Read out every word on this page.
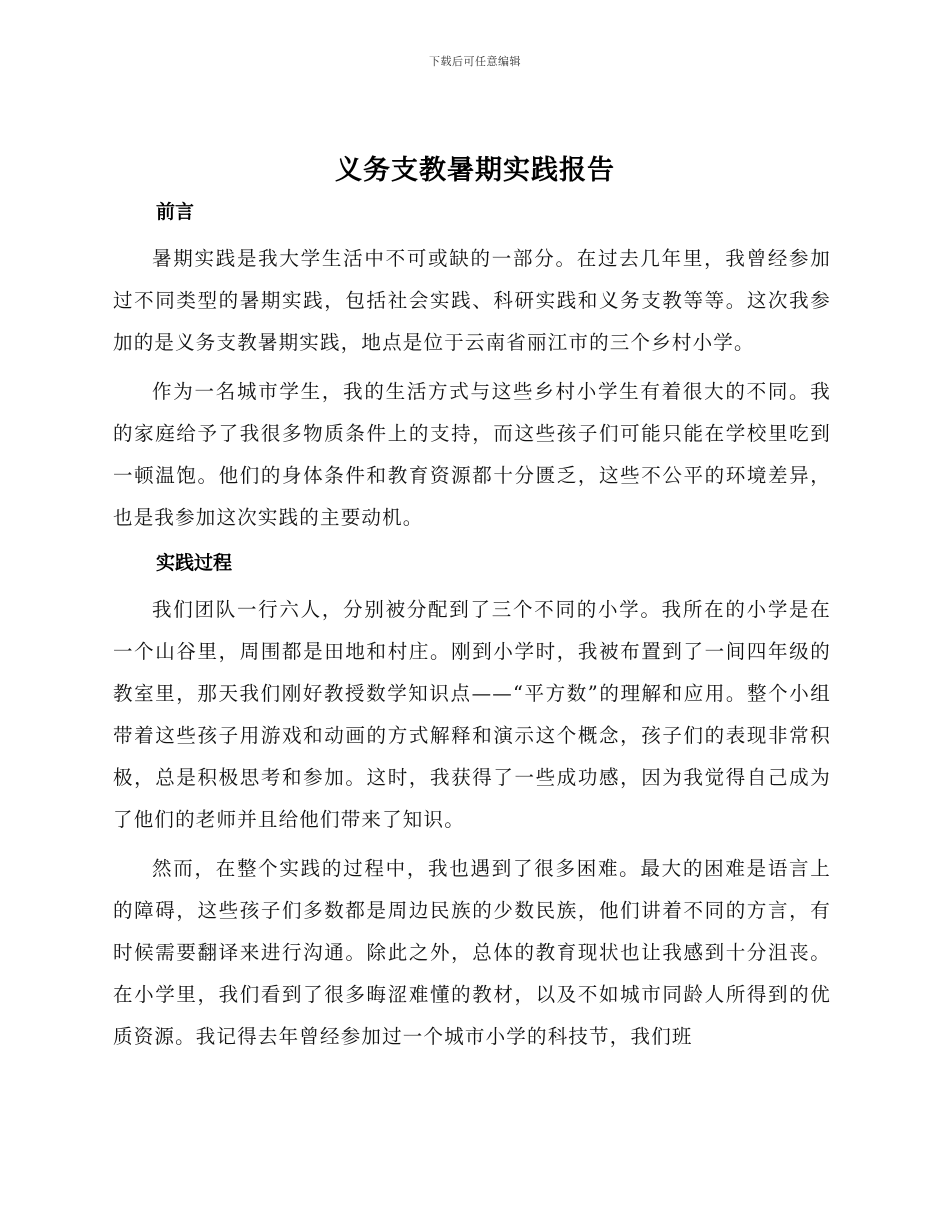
下载后可任意编辑
义务支教暑期实践报告
前言

暑期实践是我大学生活中不可或缺的一部分。在过去几年里，我曾经参加过不同类型的暑期实践，包括社会实践、科研实践和义务支教等等。这次我参加的是义务支教暑期实践，地点是位于云南省丽江市的三个乡村小学。

作为一名城市学生，我的生活方式与这些乡村小学生有着很大的不同。我的家庭给予了我很多物质条件上的支持，而这些孩子们可能只能在学校里吃到一顿温饱。他们的身体条件和教育资源都十分匮乏，这些不公平的环境差异，也是我参加这次实践的主要动机。

实践过程

我们团队一行六人，分别被分配到了三个不同的小学。我所在的小学是在一个山谷里，周围都是田地和村庄。刚到小学时，我被布置到了一间四年级的教室里，那天我们刚好教授数学知识点——“平方数”的理解和应用。整个小组带着这些孩子用游戏和动画的方式解释和演示这个概念，孩子们的表现非常积极，总是积极思考和参加。这时，我获得了一些成功感，因为我觉得自己成为了他们的老师并且给他们带来了知识。

然而，在整个实践的过程中，我也遇到了很多困难。最大的困难是语言上的障碍，这些孩子们多数都是周边民族的少数民族，他们讲着不同的方言，有时候需要翻译来进行沟通。除此之外，总体的教育现状也让我感到十分沮丧。在小学里，我们看到了很多晦涩难懂的教材，以及不如城市同龄人所得到的优质资源。我记得去年曾经参加过一个城市小学的科技节，我们班
